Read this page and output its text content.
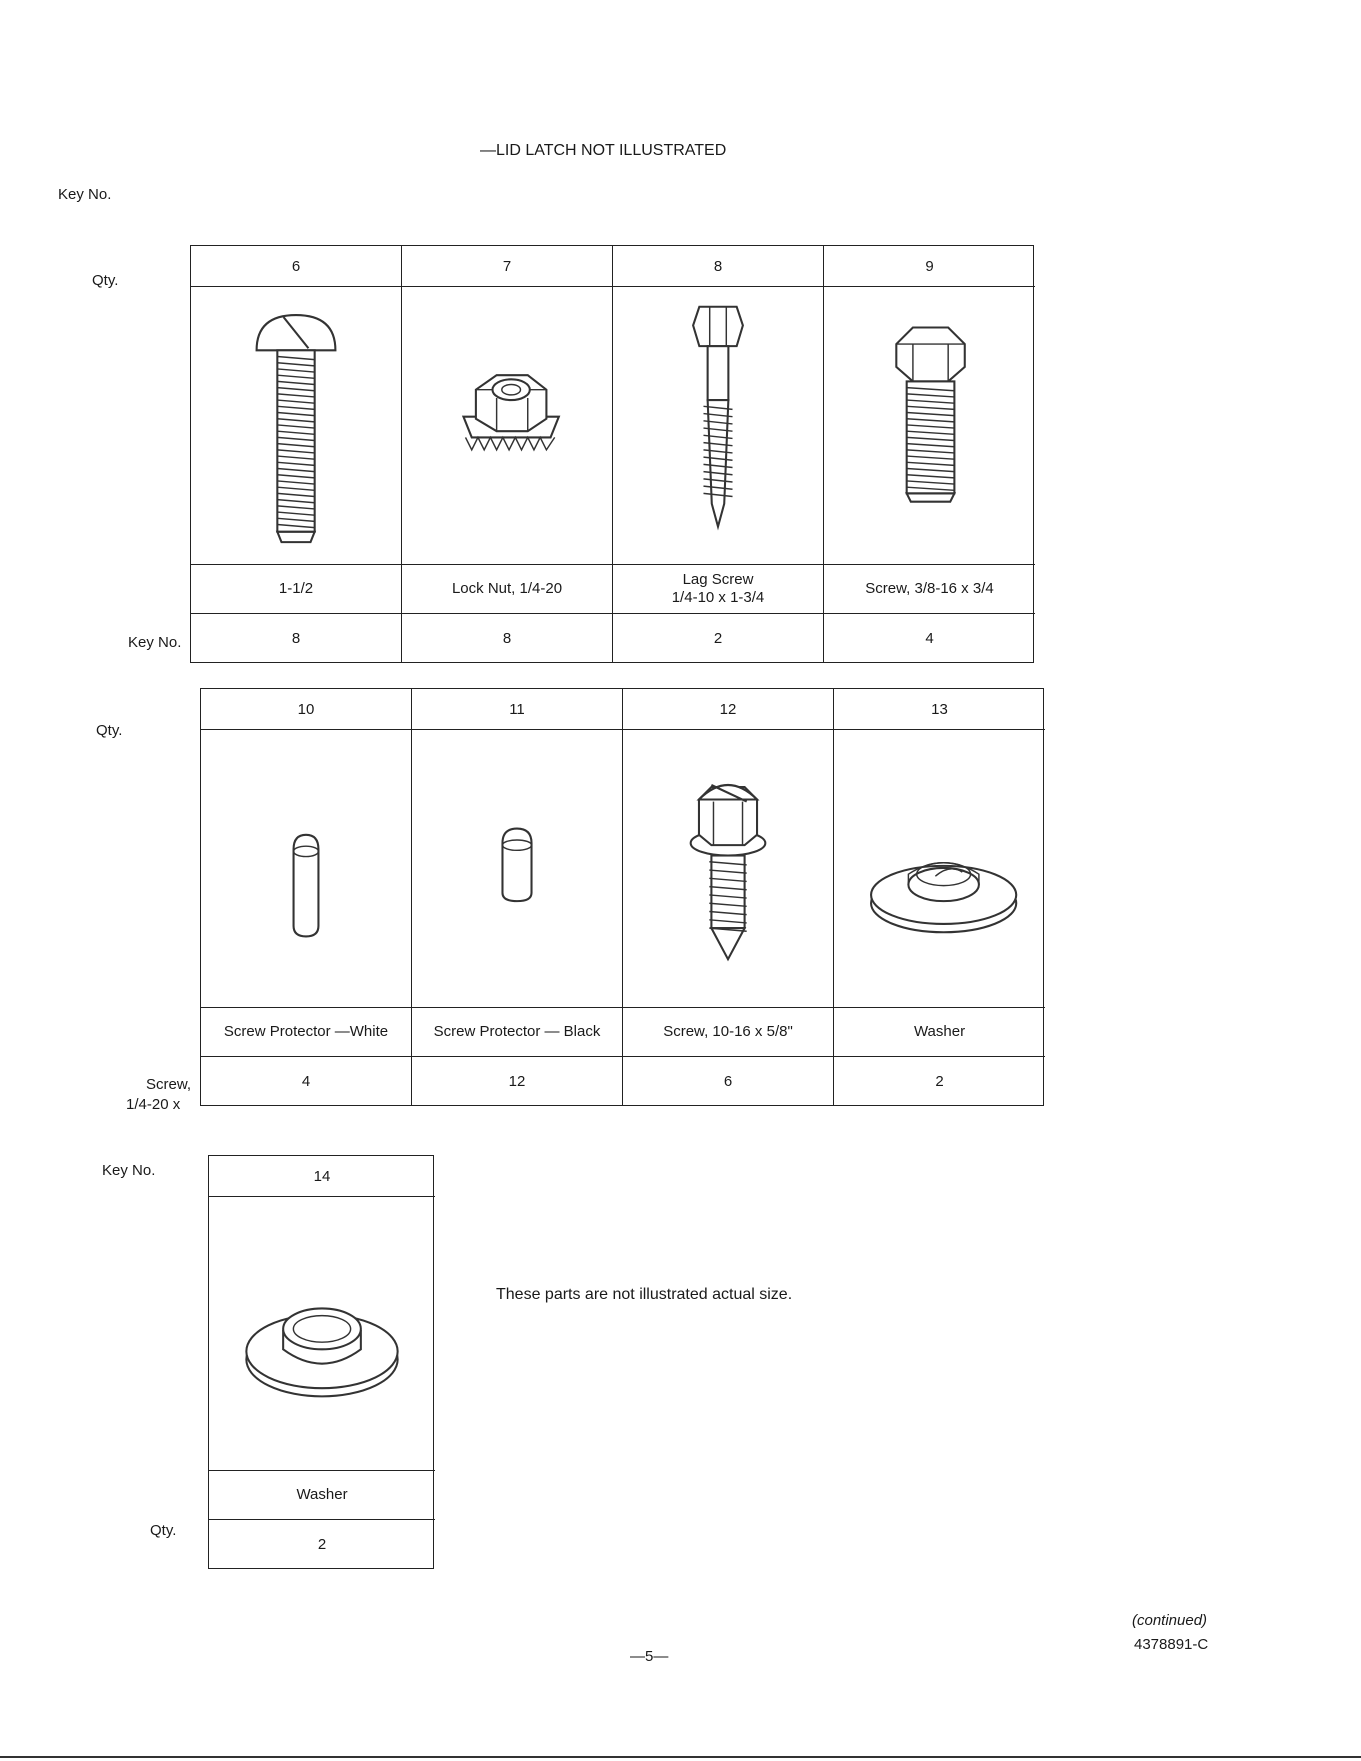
—LID LATCH NOT ILLUSTRATED
Key No.
Qty.
Key No.
Qty.
Screw,
1/4-20 x
Key No.
Qty.
6
1-1/2
8
7
Lock Nut, 1/4-20
8
8
Lag Screw
1/4-10 x 1-3/4
2
9
Screw, 3/8-16 x 3/4
4
10
Screw Protector —White
4
11
Screw Protector — Black
12
12
Screw, 10-16 x 5/8"
6
13
Washer
2
14
Washer
2
These parts are not illustrated actual size.
—5—
(continued)
4378891-C
